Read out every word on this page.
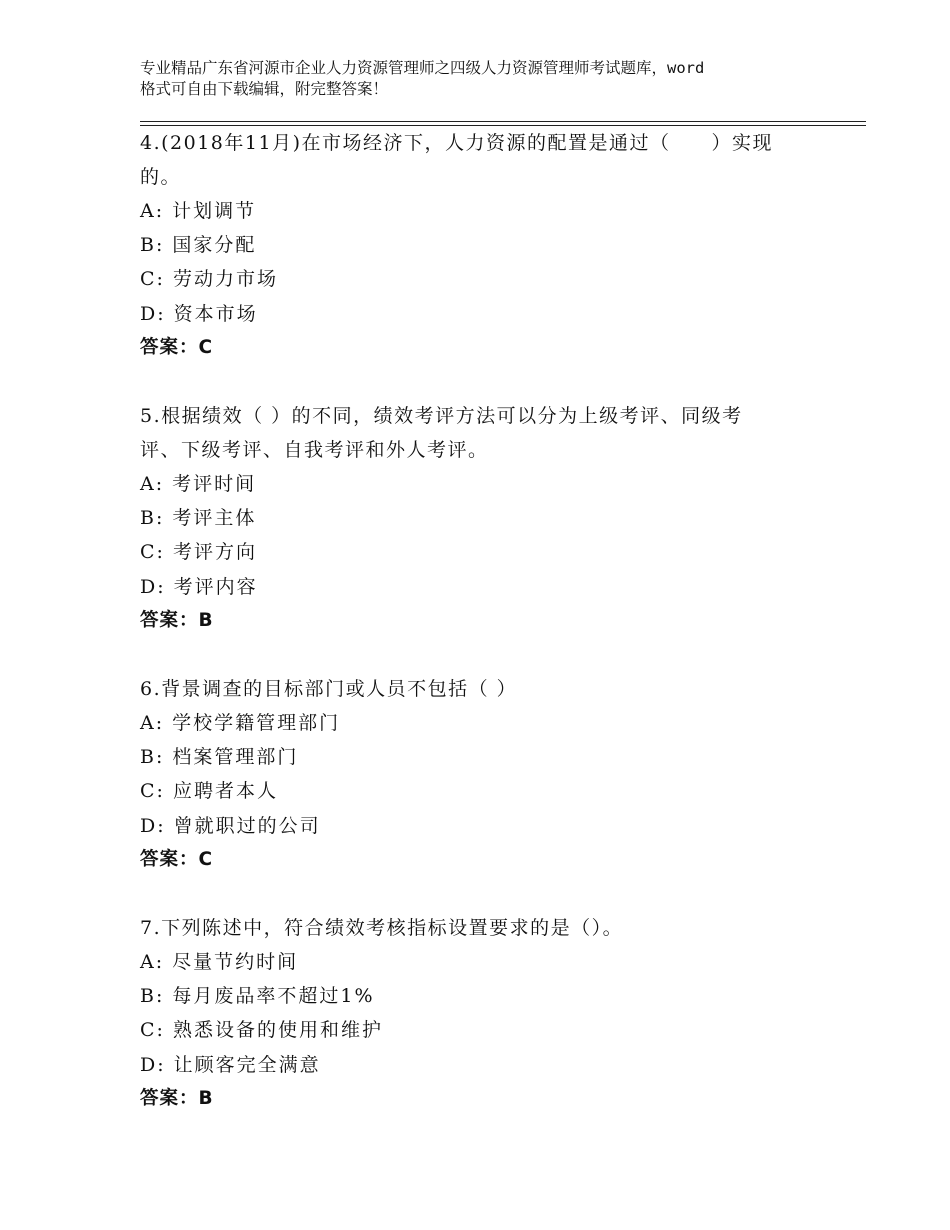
专业精品广东省河源市企业人力资源管理师之四级人力资源管理师考试题库，word
格式可自由下载编辑，附完整答案！

4.(2018年11月)在市场经济下，人力资源的配置是通过（　　）实现

的。

A: 计划调节

B: 国家分配

C: 劳动力市场

D: 资本市场

答案：C

5.根据绩效（ ）的不同，绩效考评方法可以分为上级考评、同级考

评、下级考评、自我考评和外人考评。

A: 考评时间

B: 考评主体

C: 考评方向

D: 考评内容

答案：B

6.背景调查的目标部门或人员不包括（ ）

A: 学校学籍管理部门

B: 档案管理部门

C: 应聘者本人

D: 曾就职过的公司

答案：C

7.下列陈述中，符合绩效考核指标设置要求的是（）。

A: 尽量节约时间

B: 每月废品率不超过1%

C: 熟悉设备的使用和维护

D: 让顾客完全满意

答案：B
